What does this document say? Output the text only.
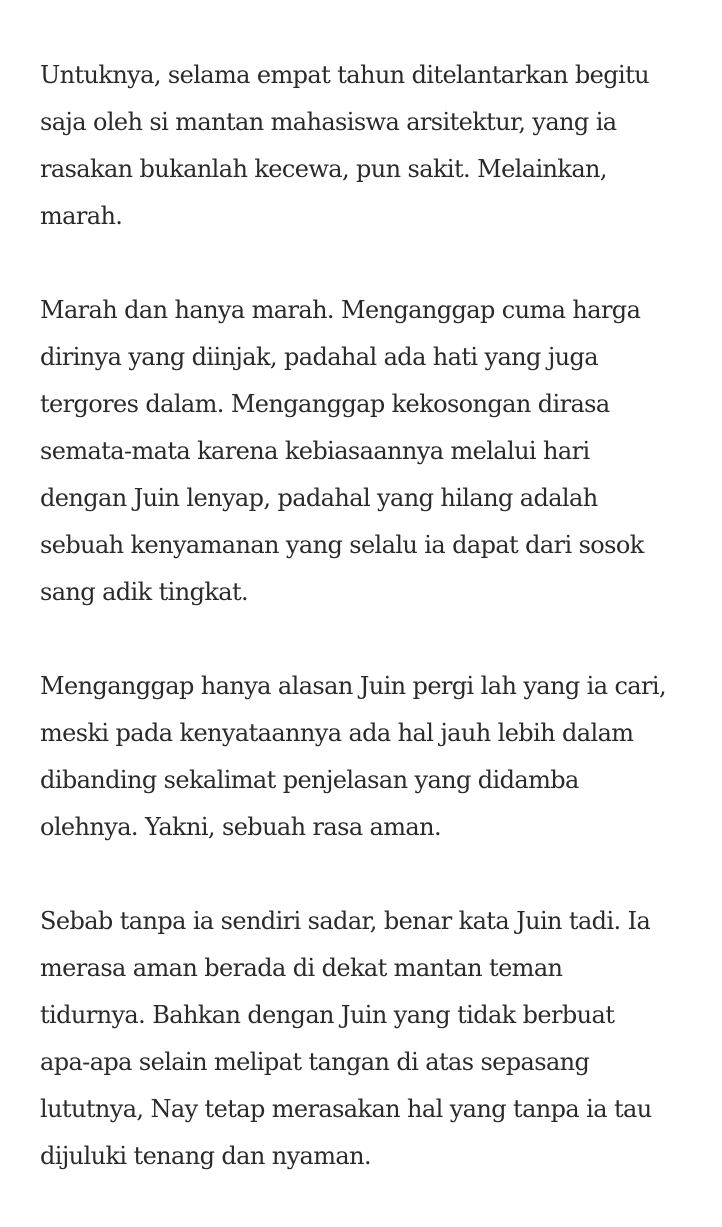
Untuknya, selama empat tahun ditelantarkan begitu
saja oleh si mantan mahasiswa arsitektur, yang ia
rasakan bukanlah kecewa, pun sakit. Melainkan,
marah.

Marah dan hanya marah. Menganggap cuma harga
dirinya yang diinjak, padahal ada hati yang juga
tergores dalam. Menganggap kekosongan dirasa
semata-mata karena kebiasaannya melalui hari
dengan Juin lenyap, padahal yang hilang adalah
sebuah kenyamanan yang selalu ia dapat dari sosok
sang adik tingkat.

Menganggap hanya alasan Juin pergi lah yang ia cari,
meski pada kenyataannya ada hal jauh lebih dalam
dibanding sekalimat penjelasan yang didamba
olehnya. Yakni, sebuah rasa aman.

Sebab tanpa ia sendiri sadar, benar kata Juin tadi. Ia
merasa aman berada di dekat mantan teman
tidurnya. Bahkan dengan Juin yang tidak berbuat
apa-apa selain melipat tangan di atas sepasang
lututnya, Nay tetap merasakan hal yang tanpa ia tau
dijuluki tenang dan nyaman.
